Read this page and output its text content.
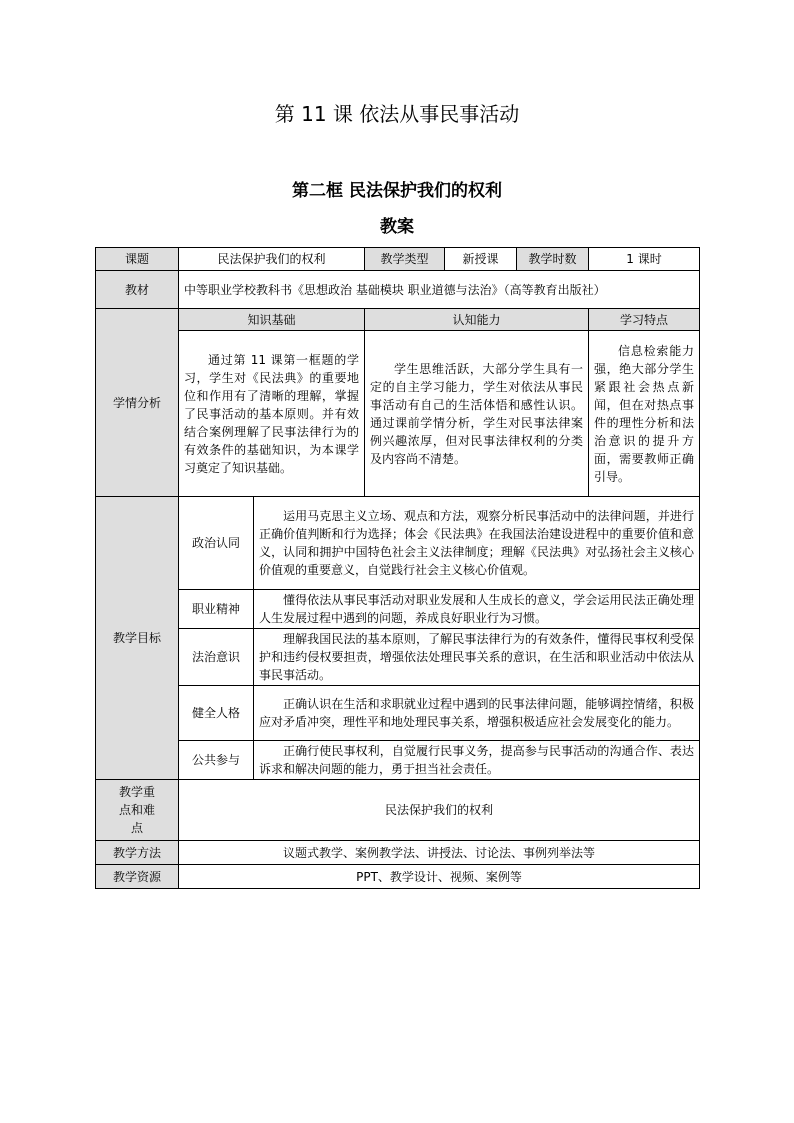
第 11 课 依法从事民事活动
第二框 民法保护我们的权利
教案
课题	民法保护我们的权利		教学类型	新授课	教学时数	1 课时
教材	中等职业学校教科书《思想政治 基础模块 职业道德与法治》（高等教育出版社）					
学情分析	知识基础		认知能力			学习特点

	通过第 11 课第一框题的学习，学生对《民法典》的重要地位和作用有了清晰的理解，掌握了民事活动的基本原则。并有效结合案例理解了民事法律行为的有效条件的基础知识，为本课学习奠定了知识基础。		学生思维活跃，大部分学生具有一定的自主学习能力，学生对依法从事民事活动有自己的生活体悟和感性认识。通过课前学情分析，学生对民事法律案例兴趣浓厚，但对民事法律权利的分类及内容尚不清楚。			信息检索能力强，绝大部分学生紧跟社会热点新闻，但在对热点事件的理性分析和法治意识的提升方面，需要教师正确引导。

教学目标	政治认同	运用马克思主义立场、观点和方法，观察分析民事活动中的法律问题，并进行正确价值判断和行为选择；体会《民法典》在我国法治建设进程中的重要价值和意义，认同和拥护中国特色社会主义法律制度；理解《民法典》对弘扬社会主义核心价值观的重要意义，自觉践行社会主义核心价值观。				

	职业精神	懂得依法从事民事活动对职业发展和人生成长的意义，学会运用民法正确处理人生发展过程中遇到的问题，养成良好职业行为习惯。				

	法治意识	理解我国民法的基本原则，了解民事法律行为的有效条件，懂得民事权利受保护和违约侵权要担责，增强依法处理民事关系的意识，在生活和职业活动中依法从事民事活动。				

	健全人格	正确认识在生活和求职就业过程中遇到的民事法律问题，能够调控情绪，积极应对矛盾冲突，理性平和地处理民事关系，增强积极适应社会发展变化的能力。				

	公共参与	正确行使民事权利，自觉履行民事义务，提高参与民事活动的沟通合作、表达诉求和解决问题的能力，勇于担当社会责任。				

教学重点和难点	民法保护我们的权利					
教学方法	议题式教学、案例教学法、讲授法、讨论法、事例列举法等					
教学资源	PPT、教学设计、视频、案例等					
